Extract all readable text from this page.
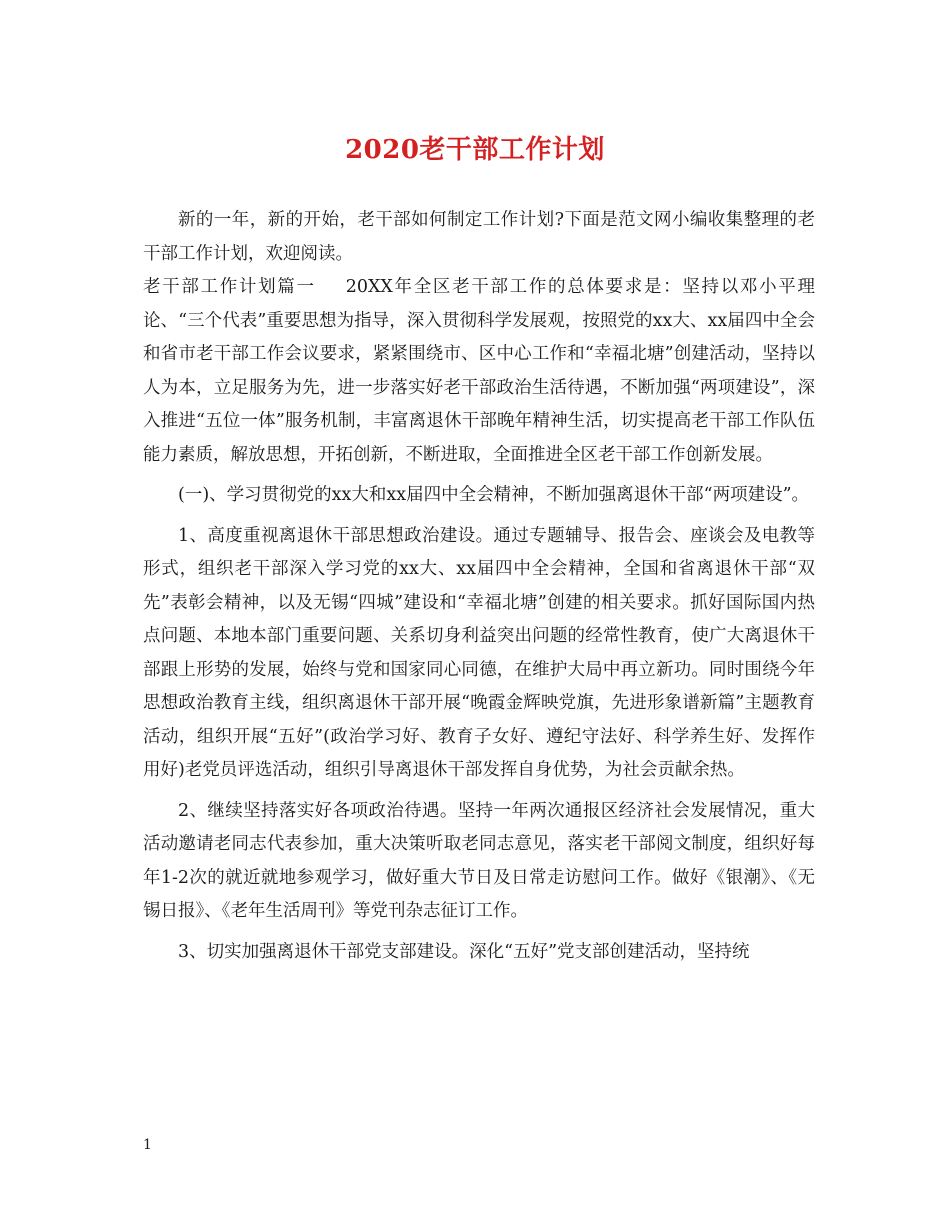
2020老干部工作计划

新的一年，新的开始，老干部如何制定工作计划?下面是范文网小编收集整理的老干部工作计划，欢迎阅读。

老干部工作计划篇一 20XX年全区老干部工作的总体要求是：坚持以邓小平理论、“三个代表”重要思想为指导，深入贯彻科学发展观，按照党的xx大、xx届四中全会和省市老干部工作会议要求，紧紧围绕市、区中心工作和“幸福北塘”创建活动，坚持以人为本，立足服务为先，进一步落实好老干部政治生活待遇，不断加强“两项建设”，深入推进“五位一体”服务机制，丰富离退休干部晚年精神生活，切实提高老干部工作队伍能力素质，解放思想，开拓创新，不断进取，全面推进全区老干部工作创新发展。

(一)、学习贯彻党的xx大和xx届四中全会精神，不断加强离退休干部“两项建设”。

1、高度重视离退休干部思想政治建设。通过专题辅导、报告会、座谈会及电教等形式，组织老干部深入学习党的xx大、xx届四中全会精神，全国和省离退休干部“双先”表彰会精神，以及无锡“四城”建设和“幸福北塘”创建的相关要求。抓好国际国内热点问题、本地本部门重要问题、关系切身利益突出问题的经常性教育，使广大离退休干部跟上形势的发展，始终与党和国家同心同德，在维护大局中再立新功。同时围绕今年思想政治教育主线，组织离退休干部开展“晚霞金辉映党旗，先进形象谱新篇”主题教育活动，组织开展“五好”(政治学习好、教育子女好、遵纪守法好、科学养生好、发挥作用好)老党员评选活动，组织引导离退休干部发挥自身优势，为社会贡献余热。

2、继续坚持落实好各项政治待遇。坚持一年两次通报区经济社会发展情况，重大活动邀请老同志代表参加，重大决策听取老同志意见，落实老干部阅文制度，组织好每年1-2次的就近就地参观学习，做好重大节日及日常走访慰问工作。做好《银潮》、《无锡日报》、《老年生活周刊》等党刊杂志征订工作。

3、切实加强离退休干部党支部建设。深化“五好”党支部创建活动，坚持统

1
